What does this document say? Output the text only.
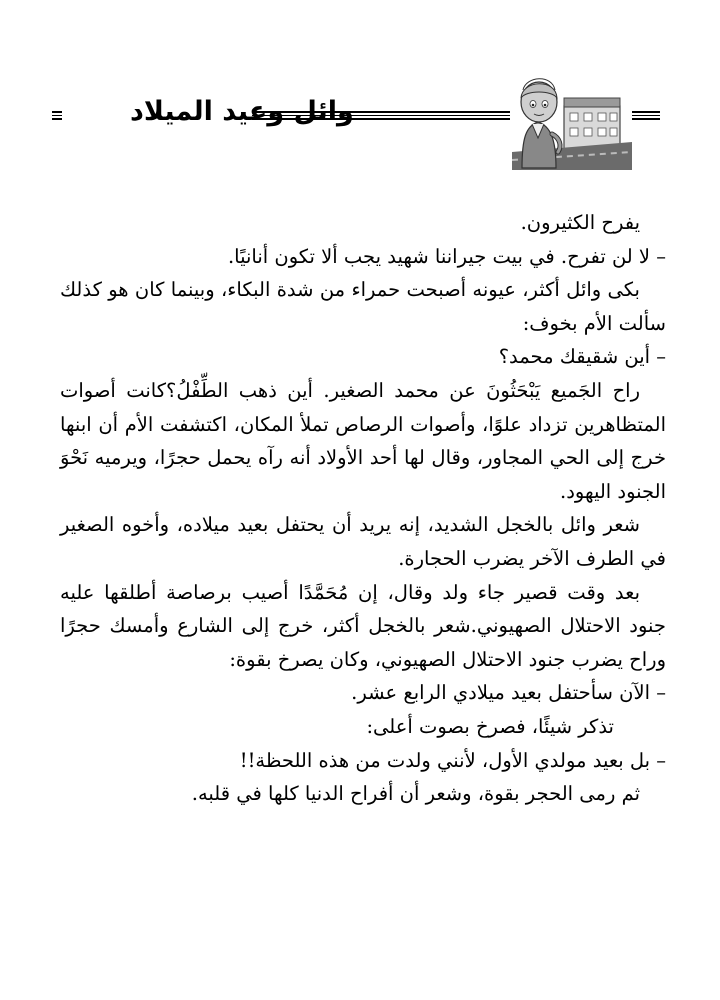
وائل وعيد الميلاد

يفرح الكثيرون.

– لا لن تفرح. في بيت جيراننا شهيد يجب ألا تكون أنانيًا.

بكى وائل أكثر، عيونه أصبحت حمراء من شدة البكاء، وبينما كان هو كذلك سألت الأم بخوف:

– أين شقيقك محمد؟

راح الجَميع يَبْحَثُونَ عن محمد الصغير. أين ذهب الطِّفْلُ؟كانت أصوات المتظاهرين تزداد علوًا، وأصوات الرصاص تملأ المكان، اكتشفت الأم أن ابنها خرج إلى الحي المجاور، وقال لها أحد الأولاد أنه رآه يحمل حجرًا، ويرميه نَحْوَ الجنود اليهود.

شعر وائل بالخجل الشديد، إنه يريد أن يحتفل بعيد ميلاده، وأخوه الصغير في الطرف الآخر يضرب الحجارة.

بعد وقت قصير جاء ولد وقال، إن مُحَمَّدًا أصيب برصاصة أطلقها عليه جنود الاحتلال الصهيوني.شعر بالخجل أكثر، خرج إلى الشارع وأمسك حجرًا وراح يضرب جنود الاحتلال الصهيوني، وكان يصرخ بقوة:

– الآن سأحتفل بعيد ميلادي الرابع عشر.

تذكر شيئًا، فصرخ بصوت أعلى:

– بل بعيد مولدي الأول، لأنني ولدت من هذه اللحظة!!

ثم رمى الحجر بقوة، وشعر أن أفراح الدنيا كلها في قلبه.
